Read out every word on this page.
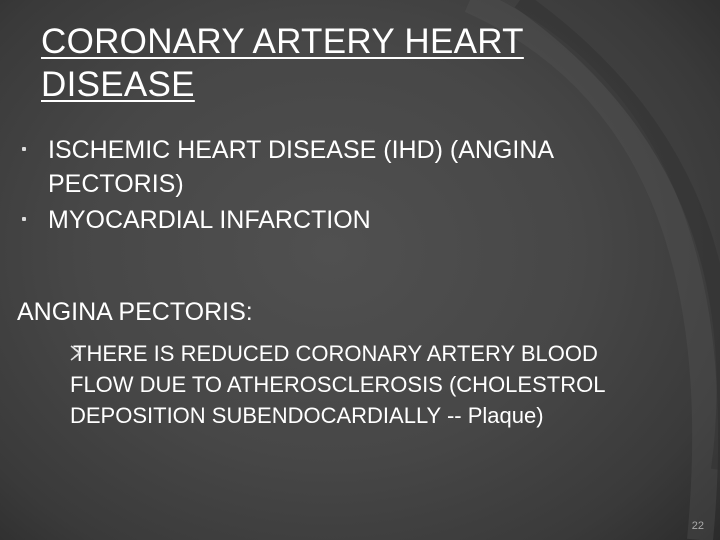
CORONARY ARTERY HEART DISEASE
ISCHEMIC HEART DISEASE (IHD) (ANGINA PECTORIS)
MYOCARDIAL INFARCTION
ANGINA PECTORIS:
THERE IS REDUCED CORONARY ARTERY BLOOD FLOW DUE TO ATHEROSCLEROSIS (CHOLESTROL DEPOSITION SUBENDOCARDIALLY -- Plaque)
22
